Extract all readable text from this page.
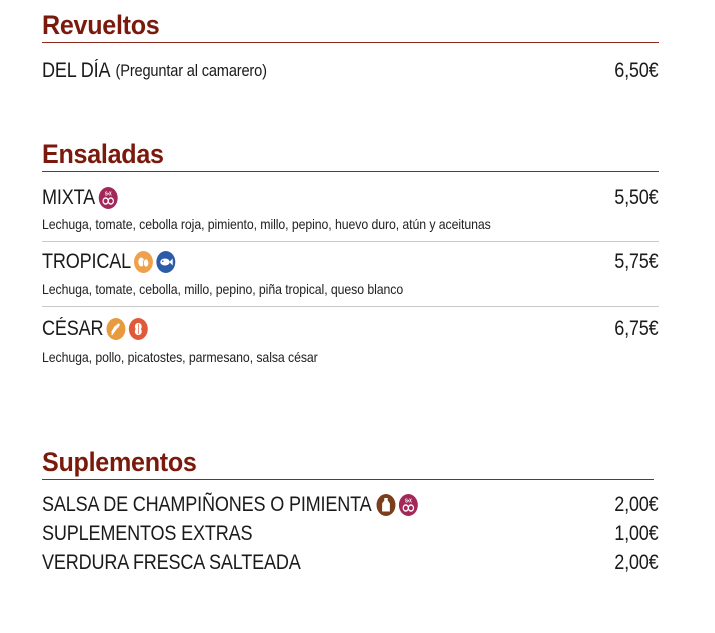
Revueltos
DEL DÍA (Preguntar al camarero)	6,50€
Ensaladas
MIXTA S•X	5,50€
Lechuga, tomate, cebolla roja, pimiento, millo, pepino, huevo duro, atún y aceitunas
TROPICAL	5,75€
Lechuga, tomate, cebolla, millo, pepino, piña tropical, queso blanco
CÉSAR	6,75€
Lechuga, pollo, picatostes, parmesano, salsa césar
Suplementos
SALSA DE CHAMPIÑONES O PIMIENTA	S•X	2,00€
SUPLEMENTOS EXTRAS	1,00€
VERDURA FRESCA SALTEADA	2,00€
